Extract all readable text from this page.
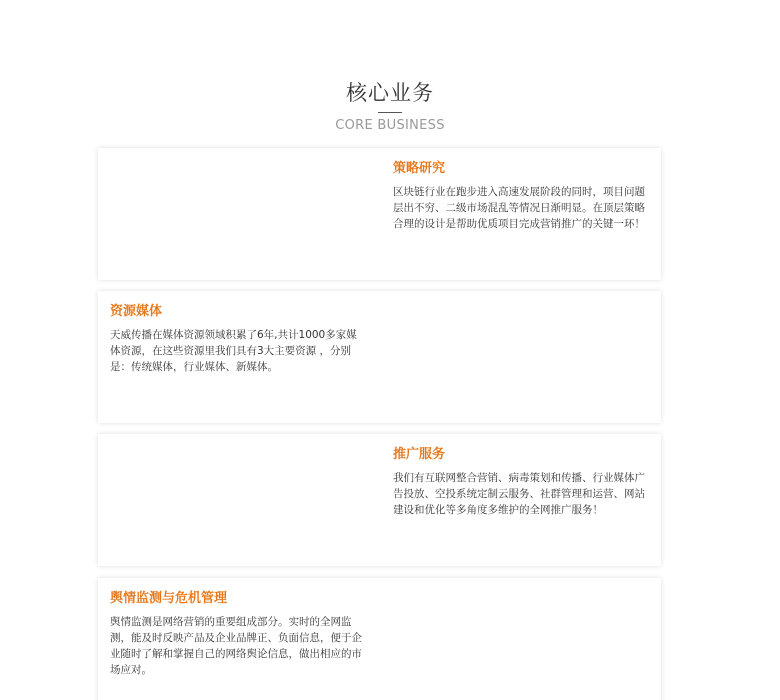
核心业务
CORE BUSINESS
策略研究
区块链行业在跑步进入高速发展阶段的同时，项目问题层出不穷、二级市场混乱等情况日渐明显。在顶层策略合理的设计是帮助优质项目完成营销推广的关键一环！
资源媒体
天威传播在媒体资源领域积累了6年,共计1000多家媒体资源，在这些资源里我们具有3大主要资源 ，分别是：传统媒体，行业媒体、新媒体。
推广服务
我们有互联网整合营销、病毒策划和传播、行业媒体广告投放、空投系统定制云服务、社群管理和运营、网站建设和优化等多角度多维护的全网推广服务！
舆情监测与危机管理
舆情监测是网络营销的重要组成部分。实时的全网监测，能及时反映产品及企业品牌正、负面信息，便于企业随时了解和掌握自己的网络舆论信息，做出相应的市场应对。
